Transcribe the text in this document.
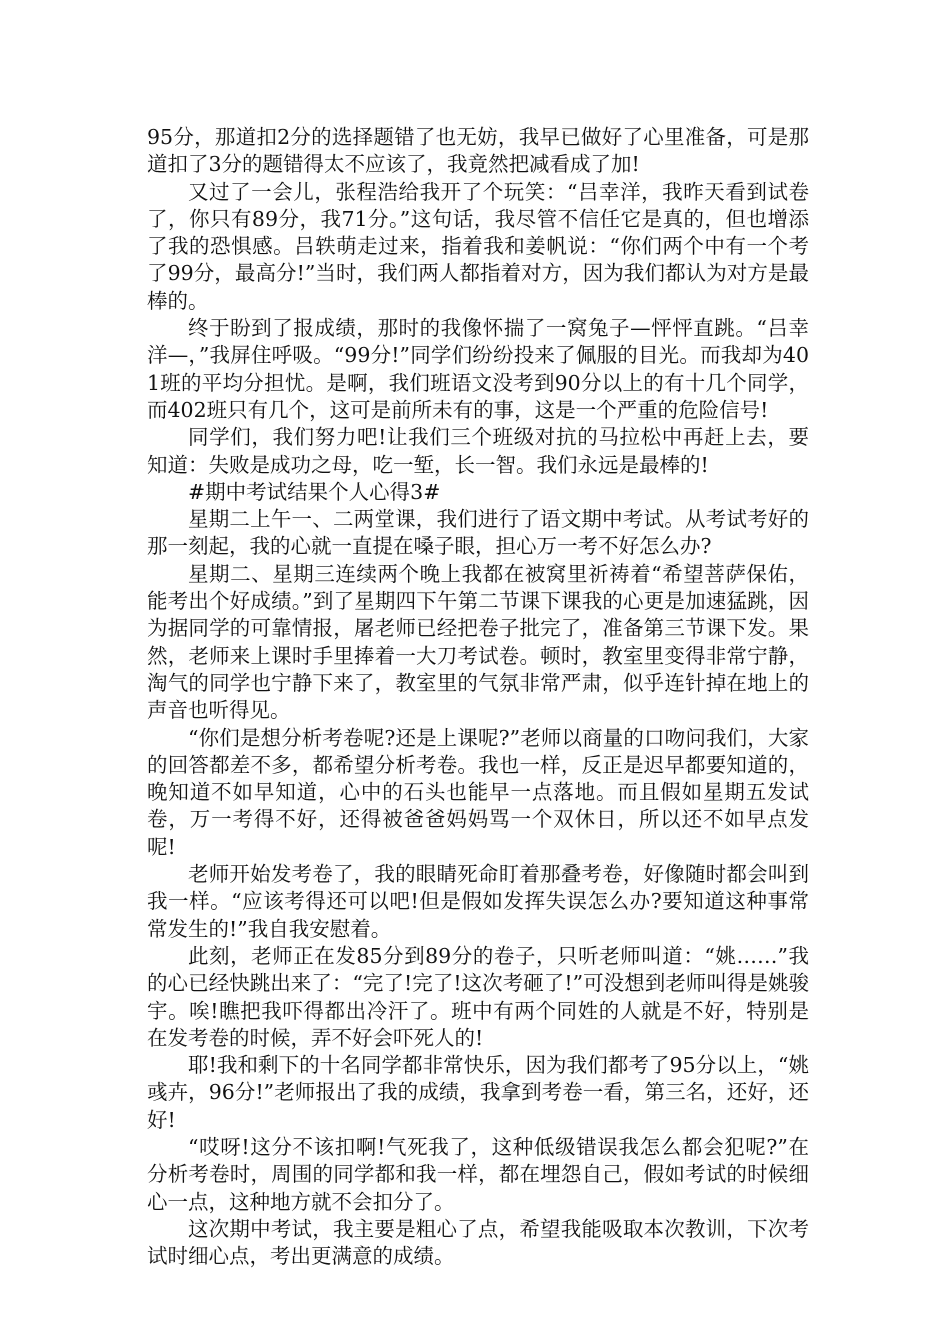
95分，那道扣2分的选择题错了也无妨，我早已做好了心里准备，可是那道扣了3分的题错得太不应该了，我竟然把减看成了加!

又过了一会儿，张程浩给我开了个玩笑：“吕幸洋，我昨天看到试卷了，你只有89分，我71分。”这句话，我尽管不信任它是真的，但也增添了我的恐惧感。吕轶萌走过来，指着我和姜帆说：“你们两个中有一个考了99分，最高分!”当时，我们两人都指着对方，因为我们都认为对方是最棒的。

终于盼到了报成绩，那时的我像怀揣了一窝兔子—怦怦直跳。“吕幸洋—，”我屏住呼吸。“99分!”同学们纷纷投来了佩服的目光。而我却为401班的平均分担忧。是啊，我们班语文没考到90分以上的有十几个同学，而402班只有几个，这可是前所未有的事，这是一个严重的危险信号!

同学们，我们努力吧!让我们三个班级对抗的马拉松中再赶上去，要知道：失败是成功之母，吃一堑，长一智。我们永远是最棒的!

#期中考试结果个人心得3#

星期二上午一、二两堂课，我们进行了语文期中考试。从考试考好的那一刻起，我的心就一直提在嗓子眼，担心万一考不好怎么办?

星期二、星期三连续两个晚上我都在被窝里祈祷着“希望菩萨保佑，能考出个好成绩。”到了星期四下午第二节课下课我的心更是加速猛跳，因为据同学的可靠情报，屠老师已经把卷子批完了，准备第三节课下发。果然，老师来上课时手里捧着一大刀考试卷。顿时，教室里变得非常宁静，淘气的同学也宁静下来了，教室里的气氛非常严肃，似乎连针掉在地上的声音也听得见。

“你们是想分析考卷呢?还是上课呢?”老师以商量的口吻问我们，大家的回答都差不多，都希望分析考卷。我也一样，反正是迟早都要知道的，晚知道不如早知道，心中的石头也能早一点落地。而且假如星期五发试卷，万一考得不好，还得被爸爸妈妈骂一个双休日，所以还不如早点发呢!

老师开始发考卷了，我的眼睛死命盯着那叠考卷，好像随时都会叫到我一样。“应该考得还可以吧!但是假如发挥失误怎么办?要知道这种事常常发生的!”我自我安慰着。

此刻，老师正在发85分到89分的卷子，只听老师叫道：“姚……”我的心已经快跳出来了：“完了!完了!这次考砸了!”可没想到老师叫得是姚骏宇。唉!瞧把我吓得都出冷汗了。班中有两个同姓的人就是不好，特别是在发考卷的时候，弄不好会吓死人的!

耶!我和剩下的十名同学都非常快乐，因为我们都考了95分以上，“姚彧卉，96分!”老师报出了我的成绩，我拿到考卷一看，第三名，还好，还好!

“哎呀!这分不该扣啊!气死我了，这种低级错误我怎么都会犯呢?”在分析考卷时，周围的同学都和我一样，都在埋怨自己，假如考试的时候细心一点，这种地方就不会扣分了。

这次期中考试，我主要是粗心了点，希望我能吸取本次教训，下次考试时细心点，考出更满意的成绩。
